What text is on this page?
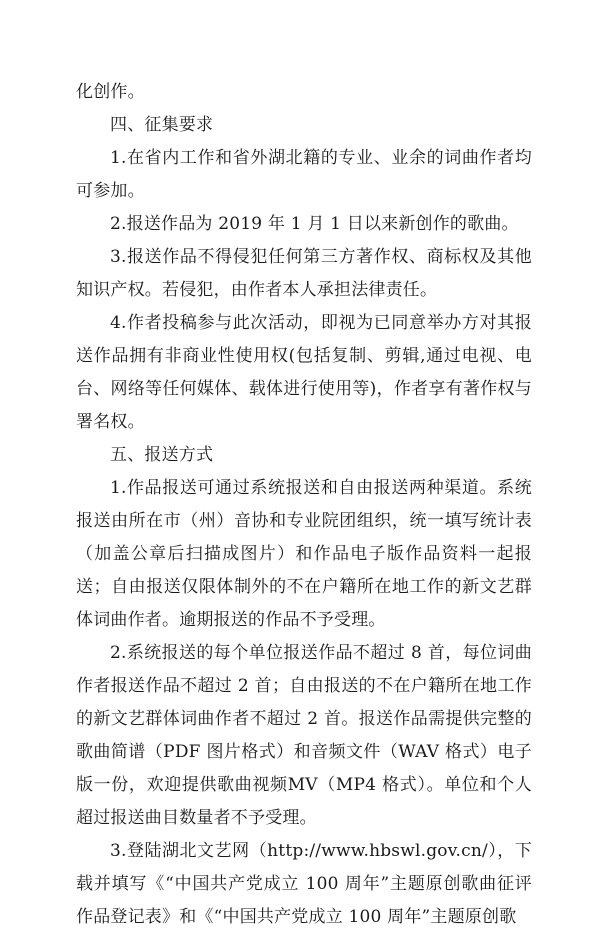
化创作。

四、征集要求

1.在省内工作和省外湖北籍的专业、业余的词曲作者均可参加。

2.报送作品为 2019 年 1 月 1 日以来新创作的歌曲。

3.报送作品不得侵犯任何第三方著作权、商标权及其他知识产权。若侵犯，由作者本人承担法律责任。

4.作者投稿参与此次活动，即视为已同意举办方对其报送作品拥有非商业性使用权(包括复制、剪辑,通过电视、电台、网络等任何媒体、载体进行使用等)，作者享有著作权与署名权。

五、报送方式

1.作品报送可通过系统报送和自由报送两种渠道。系统报送由所在市（州）音协和专业院团组织，统一填写统计表（加盖公章后扫描成图片）和作品电子版作品资料一起报送；自由报送仅限体制外的不在户籍所在地工作的新文艺群体词曲作者。逾期报送的作品不予受理。

2.系统报送的每个单位报送作品不超过 8 首，每位词曲作者报送作品不超过 2 首；自由报送的不在户籍所在地工作的新文艺群体词曲作者不超过 2 首。报送作品需提供完整的歌曲简谱（PDF 图片格式）和音频文件（WAV 格式）电子版一份，欢迎提供歌曲视频MV（MP4 格式）。单位和个人超过报送曲目数量者不予受理。

3.登陆湖北文艺网（http://www.hbswl.gov.cn/），下载并填写《“中国共产党成立 100 周年”主题原创歌曲征评作品登记表》和《“中国共产党成立 100 周年”主题原创歌
